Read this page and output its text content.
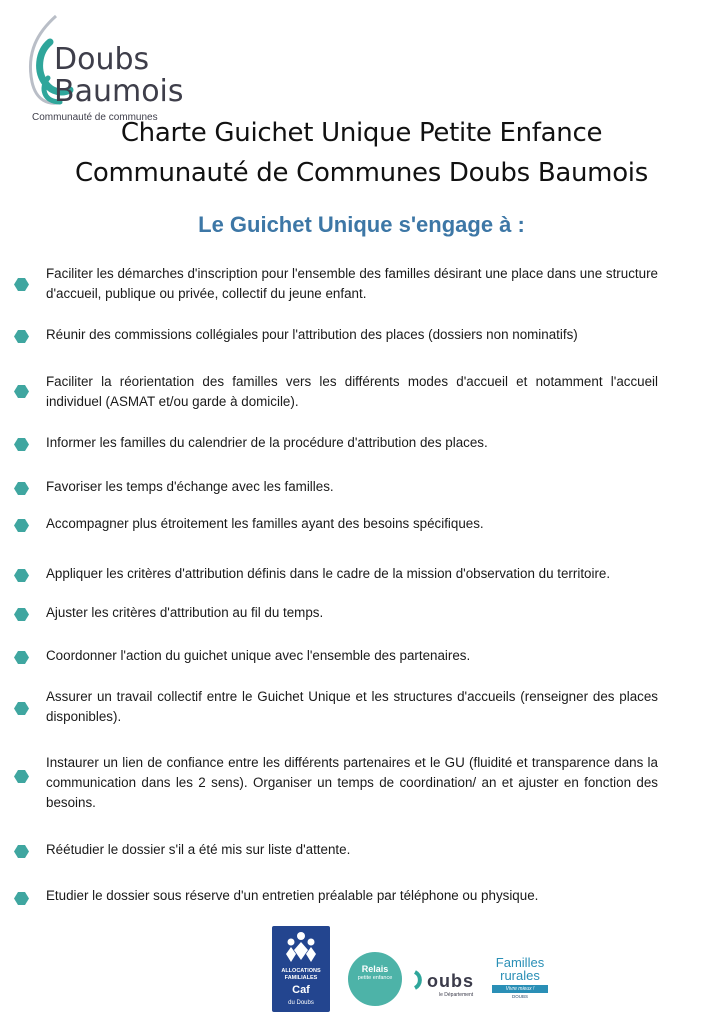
Doubs
Baumois
Communauté de communes
Charte Guichet Unique Petite Enfance
Communauté de Communes Doubs Baumois
Le Guichet Unique s'engage à :
Faciliter les démarches d'inscription pour l'ensemble des familles désirant une place dans une structure d'accueil, publique ou privée, collectif du jeune enfant.
Réunir des commissions collégiales pour l'attribution des places (dossiers non nominatifs)
Faciliter la réorientation des familles vers les différents modes d'accueil et notamment l'accueil individuel (ASMAT et/ou garde à domicile).
Informer les familles du calendrier de la procédure d'attribution des places.
Favoriser les temps d'échange avec les familles.
Accompagner plus étroitement les familles ayant des besoins spécifiques.
Appliquer les critères d'attribution définis dans le cadre de la mission d'observation du territoire.
Ajuster les critères d'attribution au fil du temps.
Coordonner l'action du guichet unique avec l'ensemble des partenaires.
Assurer un travail collectif entre le Guichet Unique et les structures d'accueils (renseigner des places disponibles).
Instaurer un lien de confiance entre les différents partenaires et le GU (fluidité et transparence dans la communication dans les 2 sens). Organiser un temps de coordination/ an et ajuster en fonction des besoins.
Réétudier le dossier s'il a été mis sur liste d'attente.
Etudier le dossier sous réserve d'un entretien préalable par téléphone ou physique.
ALLOCATIONS FAMILIALES
Caf
du Doubs
Relais
petite enfance	oubs
le Département
Familles
rurales
Vivre mieux !
DOUBS
